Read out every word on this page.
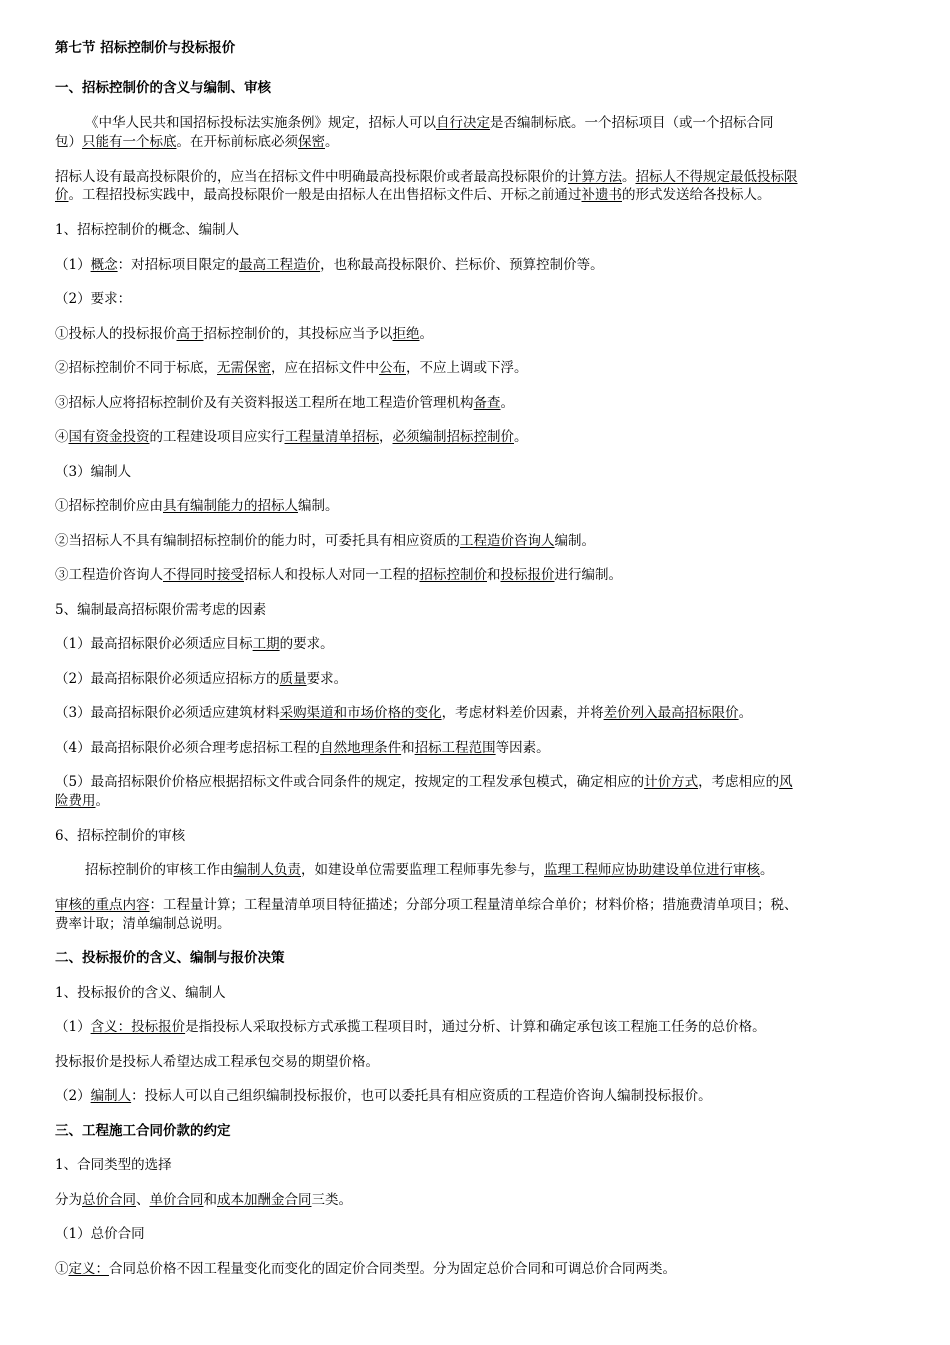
第七节 招标控制价与投标报价
一、招标控制价的含义与编制、审核
《中华人民共和国招标投标法实施条例》规定，招标人可以自行决定是否编制标底。一个招标项目（或一个招标合同
包）只能有一个标底。在开标前标底必须保密。
招标人设有最高投标限价的，应当在招标文件中明确最高投标限价或者最高投标限价的计算方法。招标人不得规定最低投标限
价。工程招投标实践中，最高投标限价一般是由招标人在出售招标文件后、开标之前通过补遗书的形式发送给各投标人。
1、招标控制价的概念、编制人
（1）概念：对招标项目限定的最高工程造价，也称最高投标限价、拦标价、预算控制价等。
（2）要求：
①投标人的投标报价高于招标控制价的，其投标应当予以拒绝。
②招标控制价不同于标底，无需保密，应在招标文件中公布，不应上调或下浮。
③招标人应将招标控制价及有关资料报送工程所在地工程造价管理机构备查。
④国有资金投资的工程建设项目应实行工程量清单招标，必须编制招标控制价。
（3）编制人
①招标控制价应由具有编制能力的招标人编制。
②当招标人不具有编制招标控制价的能力时，可委托具有相应资质的工程造价咨询人编制。
③工程造价咨询人不得同时接受招标人和投标人对同一工程的招标控制价和投标报价进行编制。
5、编制最高招标限价需考虑的因素
（1）最高招标限价必须适应目标工期的要求。
（2）最高招标限价必须适应招标方的质量要求。
（3）最高招标限价必须适应建筑材料采购渠道和市场价格的变化，考虑材料差价因素，并将差价列入最高招标限价。
（4）最高招标限价必须合理考虑招标工程的自然地理条件和招标工程范围等因素。
（5）最高招标限价价格应根据招标文件或合同条件的规定，按规定的工程发承包模式，确定相应的计价方式，考虑相应的风
险费用。
6、招标控制价的审核
招标控制价的审核工作由编制人负责，如建设单位需要监理工程师事先参与，监理工程师应协助建设单位进行审核。
审核的重点内容：工程量计算；工程量清单项目特征描述；分部分项工程量清单综合单价；材料价格；措施费清单项目；税、
费率计取；清单编制总说明。
二、投标报价的含义、编制与报价决策
1、投标报价的含义、编制人
（1）含义：投标报价是指投标人采取投标方式承揽工程项目时，通过分析、计算和确定承包该工程施工任务的总价格。
投标报价是投标人希望达成工程承包交易的期望价格。
（2）编制人：投标人可以自己组织编制投标报价，也可以委托具有相应资质的工程造价咨询人编制投标报价。
三、工程施工合同价款的约定
1、合同类型的选择
分为总价合同、单价合同和成本加酬金合同三类。
（1）总价合同
①定义：合同总价格不因工程量变化而变化的固定价合同类型。分为固定总价合同和可调总价合同两类。
